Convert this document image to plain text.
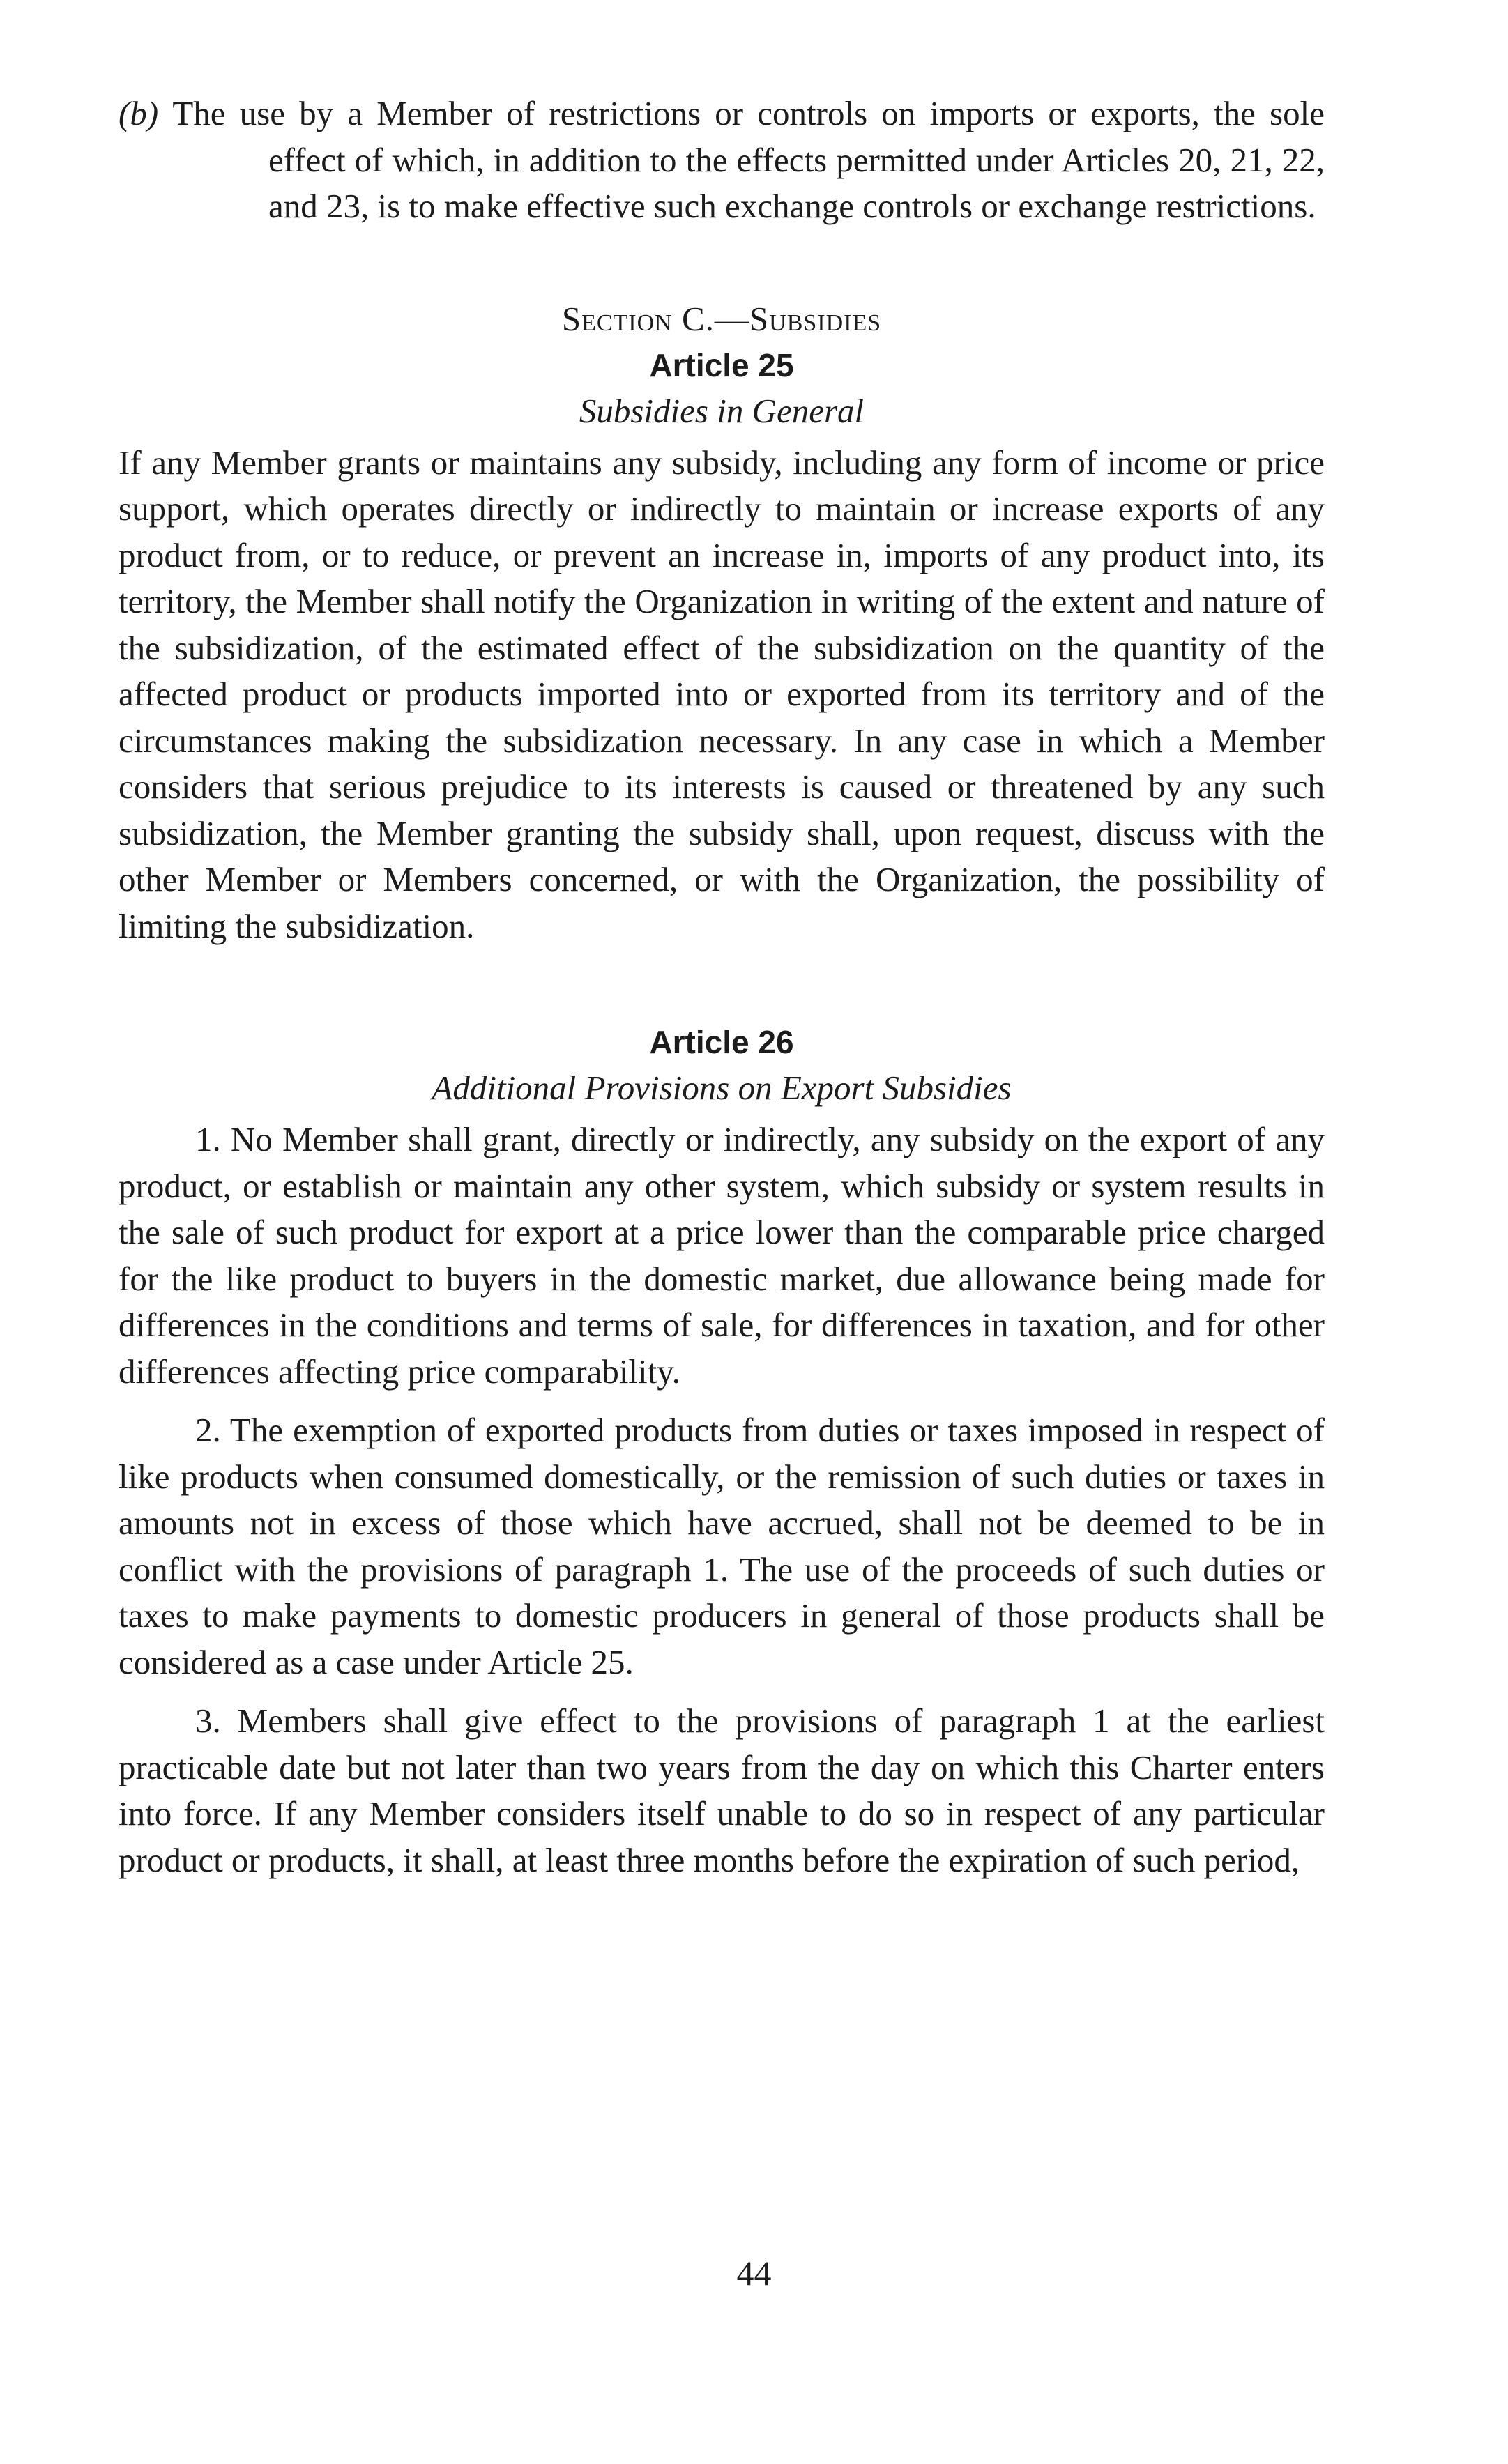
(b) The use by a Member of restrictions or controls on imports or exports, the sole effect of which, in addition to the effects permitted under Articles 20, 21, 22, and 23, is to make effective such exchange controls or exchange restrictions.

Section C.—Subsidies

Article 25

Subsidies in General

If any Member grants or maintains any subsidy, including any form of income or price support, which operates directly or indirectly to maintain or increase exports of any product from, or to reduce, or prevent an increase in, imports of any product into, its territory, the Member shall notify the Organization in writing of the extent and nature of the subsidization, of the estimated effect of the subsidization on the quantity of the affected product or products imported into or exported from its territory and of the circumstances making the subsidization necessary. In any case in which a Member considers that serious prejudice to its interests is caused or threatened by any such subsidization, the Member granting the subsidy shall, upon request, discuss with the other Member or Members concerned, or with the Organization, the possibility of limiting the subsidization.

Article 26

Additional Provisions on Export Subsidies

1. No Member shall grant, directly or indirectly, any subsidy on the export of any product, or establish or maintain any other system, which subsidy or system results in the sale of such product for export at a price lower than the comparable price charged for the like product to buyers in the domestic market, due allowance being made for differences in the conditions and terms of sale, for differences in taxation, and for other differences affecting price comparability.

2. The exemption of exported products from duties or taxes imposed in respect of like products when consumed domestically, or the remission of such duties or taxes in amounts not in excess of those which have accrued, shall not be deemed to be in conflict with the provisions of paragraph 1. The use of the proceeds of such duties or taxes to make payments to domestic producers in general of those products shall be considered as a case under Article 25.

3. Members shall give effect to the provisions of paragraph 1 at the earliest practicable date but not later than two years from the day on which this Charter enters into force. If any Member considers itself unable to do so in respect of any particular product or products, it shall, at least three months before the expiration of such period,

44
